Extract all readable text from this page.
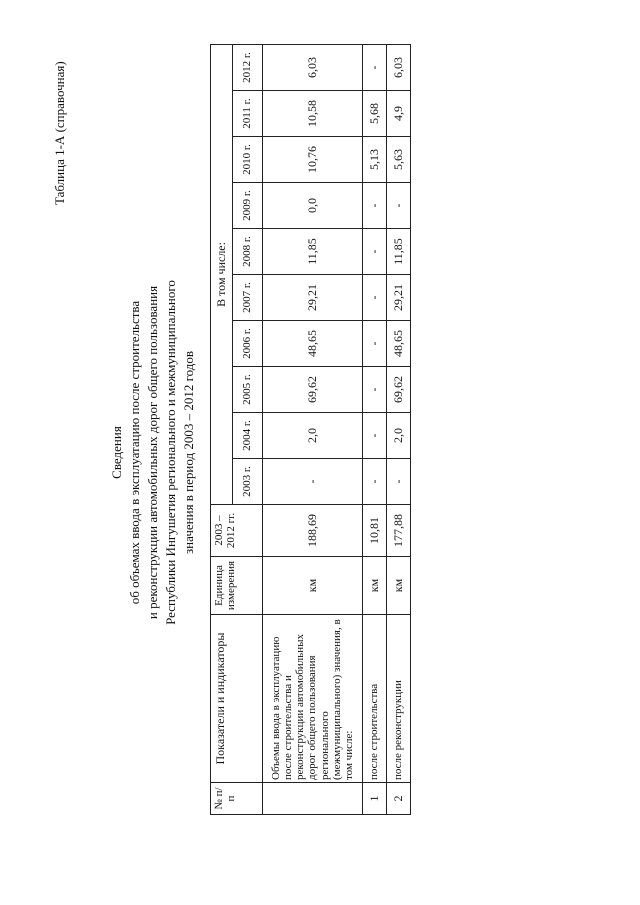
Таблица 1-А (справочная)
Сведения об объемах ввода в эксплуатацию после строительства и реконструкции автомобильных дорог общего пользования Республики Ингушетия регионального и межмуниципального значения в период 2003 – 2012 годов
№ п/п	Показатели и индикаторы	Единица измерения	2003 – 2012 гг.	В том числе:									
				2003 г.	2004 г.	2005 г.	2006 г.	2007 г.	2008 г.	2009 г.	2010 г.	2011 г.	2012 г.
	Объемы ввода в эксплуатацию после строительства и реконструкции автомобильных дорог общего пользования регионального (межмуниципального) значения, в том числе:	км	188,69	-	2,0	69,62	48,65	29,21	11,85	0,0	10,76	10,58	6,03
1	после строительства	км	10,81	-	-	-	-	-	-	-	5,13	5,68	-
2	после реконструкции	км	177,88	-	2,0	69,62	48,65	29,21	11,85	-	5,63	4,9	6,03
